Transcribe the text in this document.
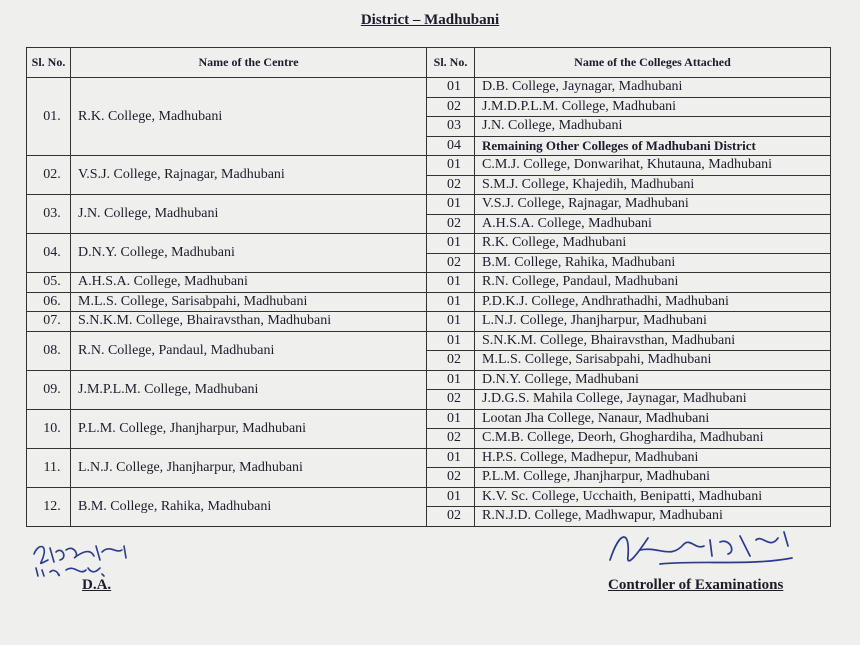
District – Madhubani
Sl. No.	Name of the Centre	Sl. No.	Name of the Colleges Attached
01.	R.K. College, Madhubani	01	D.B. College, Jaynagar, Madhubani
		02	J.M.D.P.L.M. College, Madhubani
		03	J.N. College, Madhubani
		04	Remaining Other Colleges of Madhubani District
02.	V.S.J. College, Rajnagar, Madhubani	01	C.M.J. College, Donwarihat, Khutauna, Madhubani
		02	S.M.J. College, Khajedih, Madhubani
03.	J.N. College, Madhubani	01	V.S.J. College, Rajnagar, Madhubani
		02	A.H.S.A. College, Madhubani
04.	D.N.Y. College, Madhubani	01	R.K. College, Madhubani
		02	B.M. College, Rahika, Madhubani
05.	A.H.S.A. College, Madhubani	01	R.N. College, Pandaul, Madhubani
06.	M.L.S. College, Sarisabpahi, Madhubani	01	P.D.K.J. College, Andhrathadhi, Madhubani
07.	S.N.K.M. College, Bhairavsthan, Madhubani	01	L.N.J. College, Jhanjharpur, Madhubani
08.	R.N. College, Pandaul, Madhubani	01	S.N.K.M. College, Bhairavsthan, Madhubani
		02	M.L.S. College, Sarisabpahi, Madhubani
09.	J.M.P.L.M. College, Madhubani	01	D.N.Y. College, Madhubani
		02	J.D.G.S. Mahila College, Jaynagar, Madhubani
10.	P.L.M. College, Jhanjharpur, Madhubani	01	Lootan Jha College, Nanaur, Madhubani
		02	C.M.B. College, Deorh, Ghoghardiha, Madhubani
11.	L.N.J. College, Jhanjharpur, Madhubani	01	H.P.S. College, Madhepur, Madhubani
		02	P.L.M. College, Jhanjharpur, Madhubani
12.	B.M. College, Rahika, Madhubani	01	K.V. Sc. College, Ucchaith, Benipatti, Madhubani
		02	R.N.J.D. College, Madhwapur, Madhubani
D.A.	Controller of Examinations
